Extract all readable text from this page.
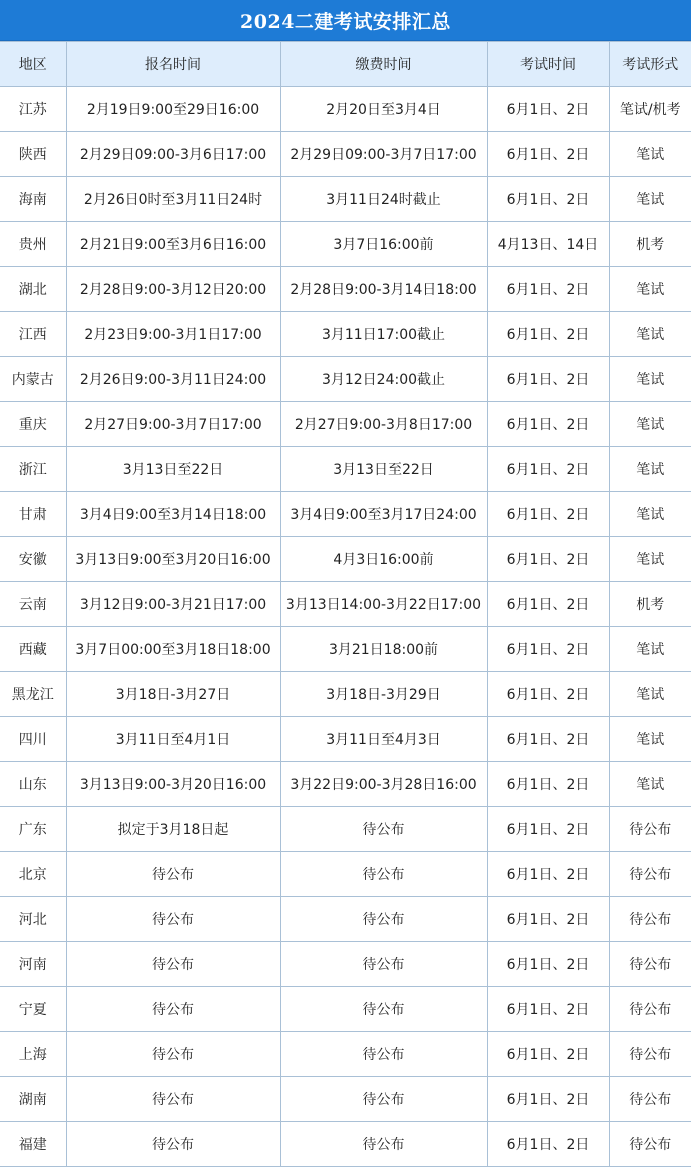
2024二建考试安排汇总
地区	报名时间	缴费时间	考试时间	考试形式
江苏	2月19日9:00至29日16:00	2月20日至3月4日	6月1日、2日	笔试/机考
陕西	2月29日09:00-3月6日17:00	2月29日09:00-3月7日17:00	6月1日、2日	笔试
海南	2月26日0时至3月11日24时	3月11日24时截止	6月1日、2日	笔试
贵州	2月21日9:00至3月6日16:00	3月7日16:00前	4月13日、14日	机考
湖北	2月28日9:00-3月12日20:00	2月28日9:00-3月14日18:00	6月1日、2日	笔试
江西	2月23日9:00-3月1日17:00	3月11日17:00截止	6月1日、2日	笔试
内蒙古	2月26日9:00-3月11日24:00	3月12日24:00截止	6月1日、2日	笔试
重庆	2月27日9:00-3月7日17:00	2月27日9:00-3月8日17:00	6月1日、2日	笔试
浙江	3月13日至22日	3月13日至22日	6月1日、2日	笔试
甘肃	3月4日9:00至3月14日18:00	3月4日9:00至3月17日24:00	6月1日、2日	笔试
安徽	3月13日9:00至3月20日16:00	4月3日16:00前	6月1日、2日	笔试
云南	3月12日9:00-3月21日17:00	3月13日14:00-3月22日17:00	6月1日、2日	机考
西藏	3月7日00:00至3月18日18:00	3月21日18:00前	6月1日、2日	笔试
黑龙江	3月18日-3月27日	3月18日-3月29日	6月1日、2日	笔试
四川	3月11日至4月1日	3月11日至4月3日	6月1日、2日	笔试
山东	3月13日9:00-3月20日16:00	3月22日9:00-3月28日16:00	6月1日、2日	笔试
广东	拟定于3月18日起	待公布	6月1日、2日	待公布
北京	待公布	待公布	6月1日、2日	待公布
河北	待公布	待公布	6月1日、2日	待公布
河南	待公布	待公布	6月1日、2日	待公布
宁夏	待公布	待公布	6月1日、2日	待公布
上海	待公布	待公布	6月1日、2日	待公布
湖南	待公布	待公布	6月1日、2日	待公布
福建	待公布	待公布	6月1日、2日	待公布
